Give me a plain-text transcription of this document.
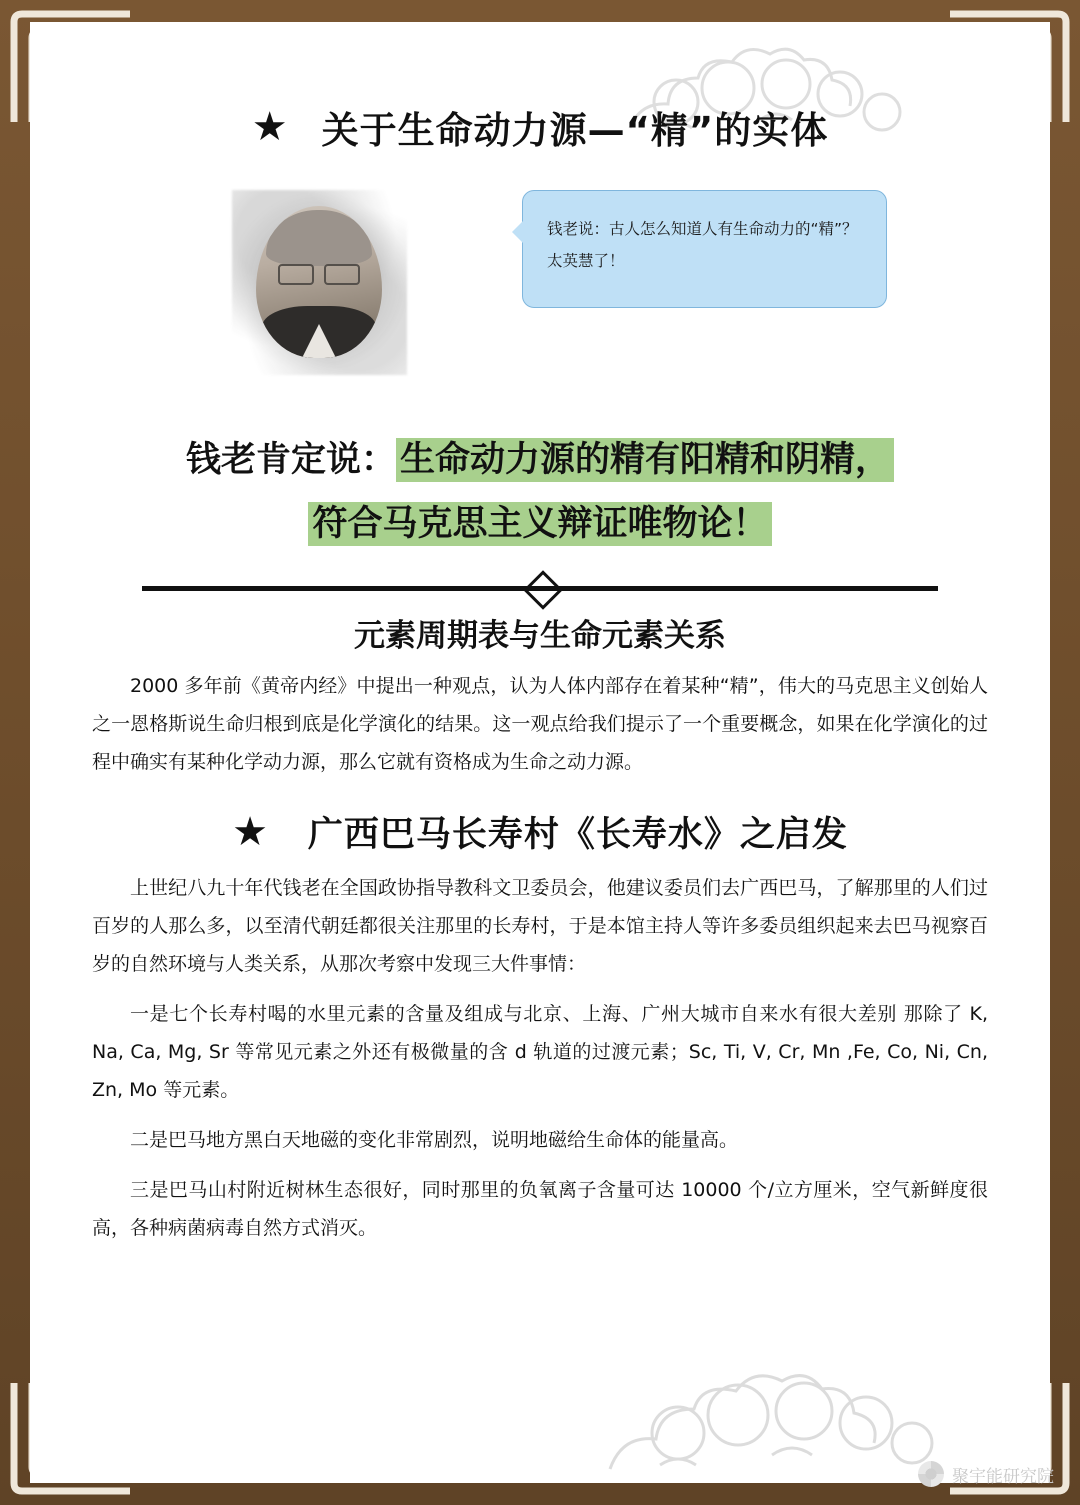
★ 关于生命动力源—“精”的实体
钱老说：古人怎么知道人有生命动力的“精”？太英慧了！
钱老肯定说： 生命动力源的精有阳精和阴精，
符合马克思主义辩证唯物论！
元素周期表与生命元素关系

2000 多年前《黄帝内经》中提出一种观点，认为人体内部存在着某种“精”，伟大的马克思主义创始人之一恩格斯说生命归根到底是化学演化的结果。这一观点给我们提示了一个重要概念，如果在化学演化的过程中确实有某种化学动力源，那么它就有资格成为生命之动力源。

★ 广西巴马长寿村《长寿水》之启发

上世纪八九十年代钱老在全国政协指导教科文卫委员会，他建议委员们去广西巴马，了解那里的人们过百岁的人那么多，以至清代朝廷都很关注那里的长寿村，于是本馆主持人等许多委员组织起来去巴马视察百岁的自然环境与人类关系，从那次考察中发现三大件事情：

一是七个长寿村喝的水里元素的含量及组成与北京、上海、广州大城市自来水有很大差别 那除了 K, Na, Ca, Mg, Sr 等常见元素之外还有极微量的含 d 轨道的过渡元素；Sc, Ti, V, Cr, Mn ,Fe, Co, Ni, Cn, Zn, Mo 等元素。

二是巴马地方黑白天地磁的变化非常剧烈，说明地磁给生命体的能量高。

三是巴马山村附近树林生态很好，同时那里的负氧离子含量可达 10000 个/立方厘米，空气新鲜度很高，各种病菌病毒自然方式消灭。

聚宇能研究院
